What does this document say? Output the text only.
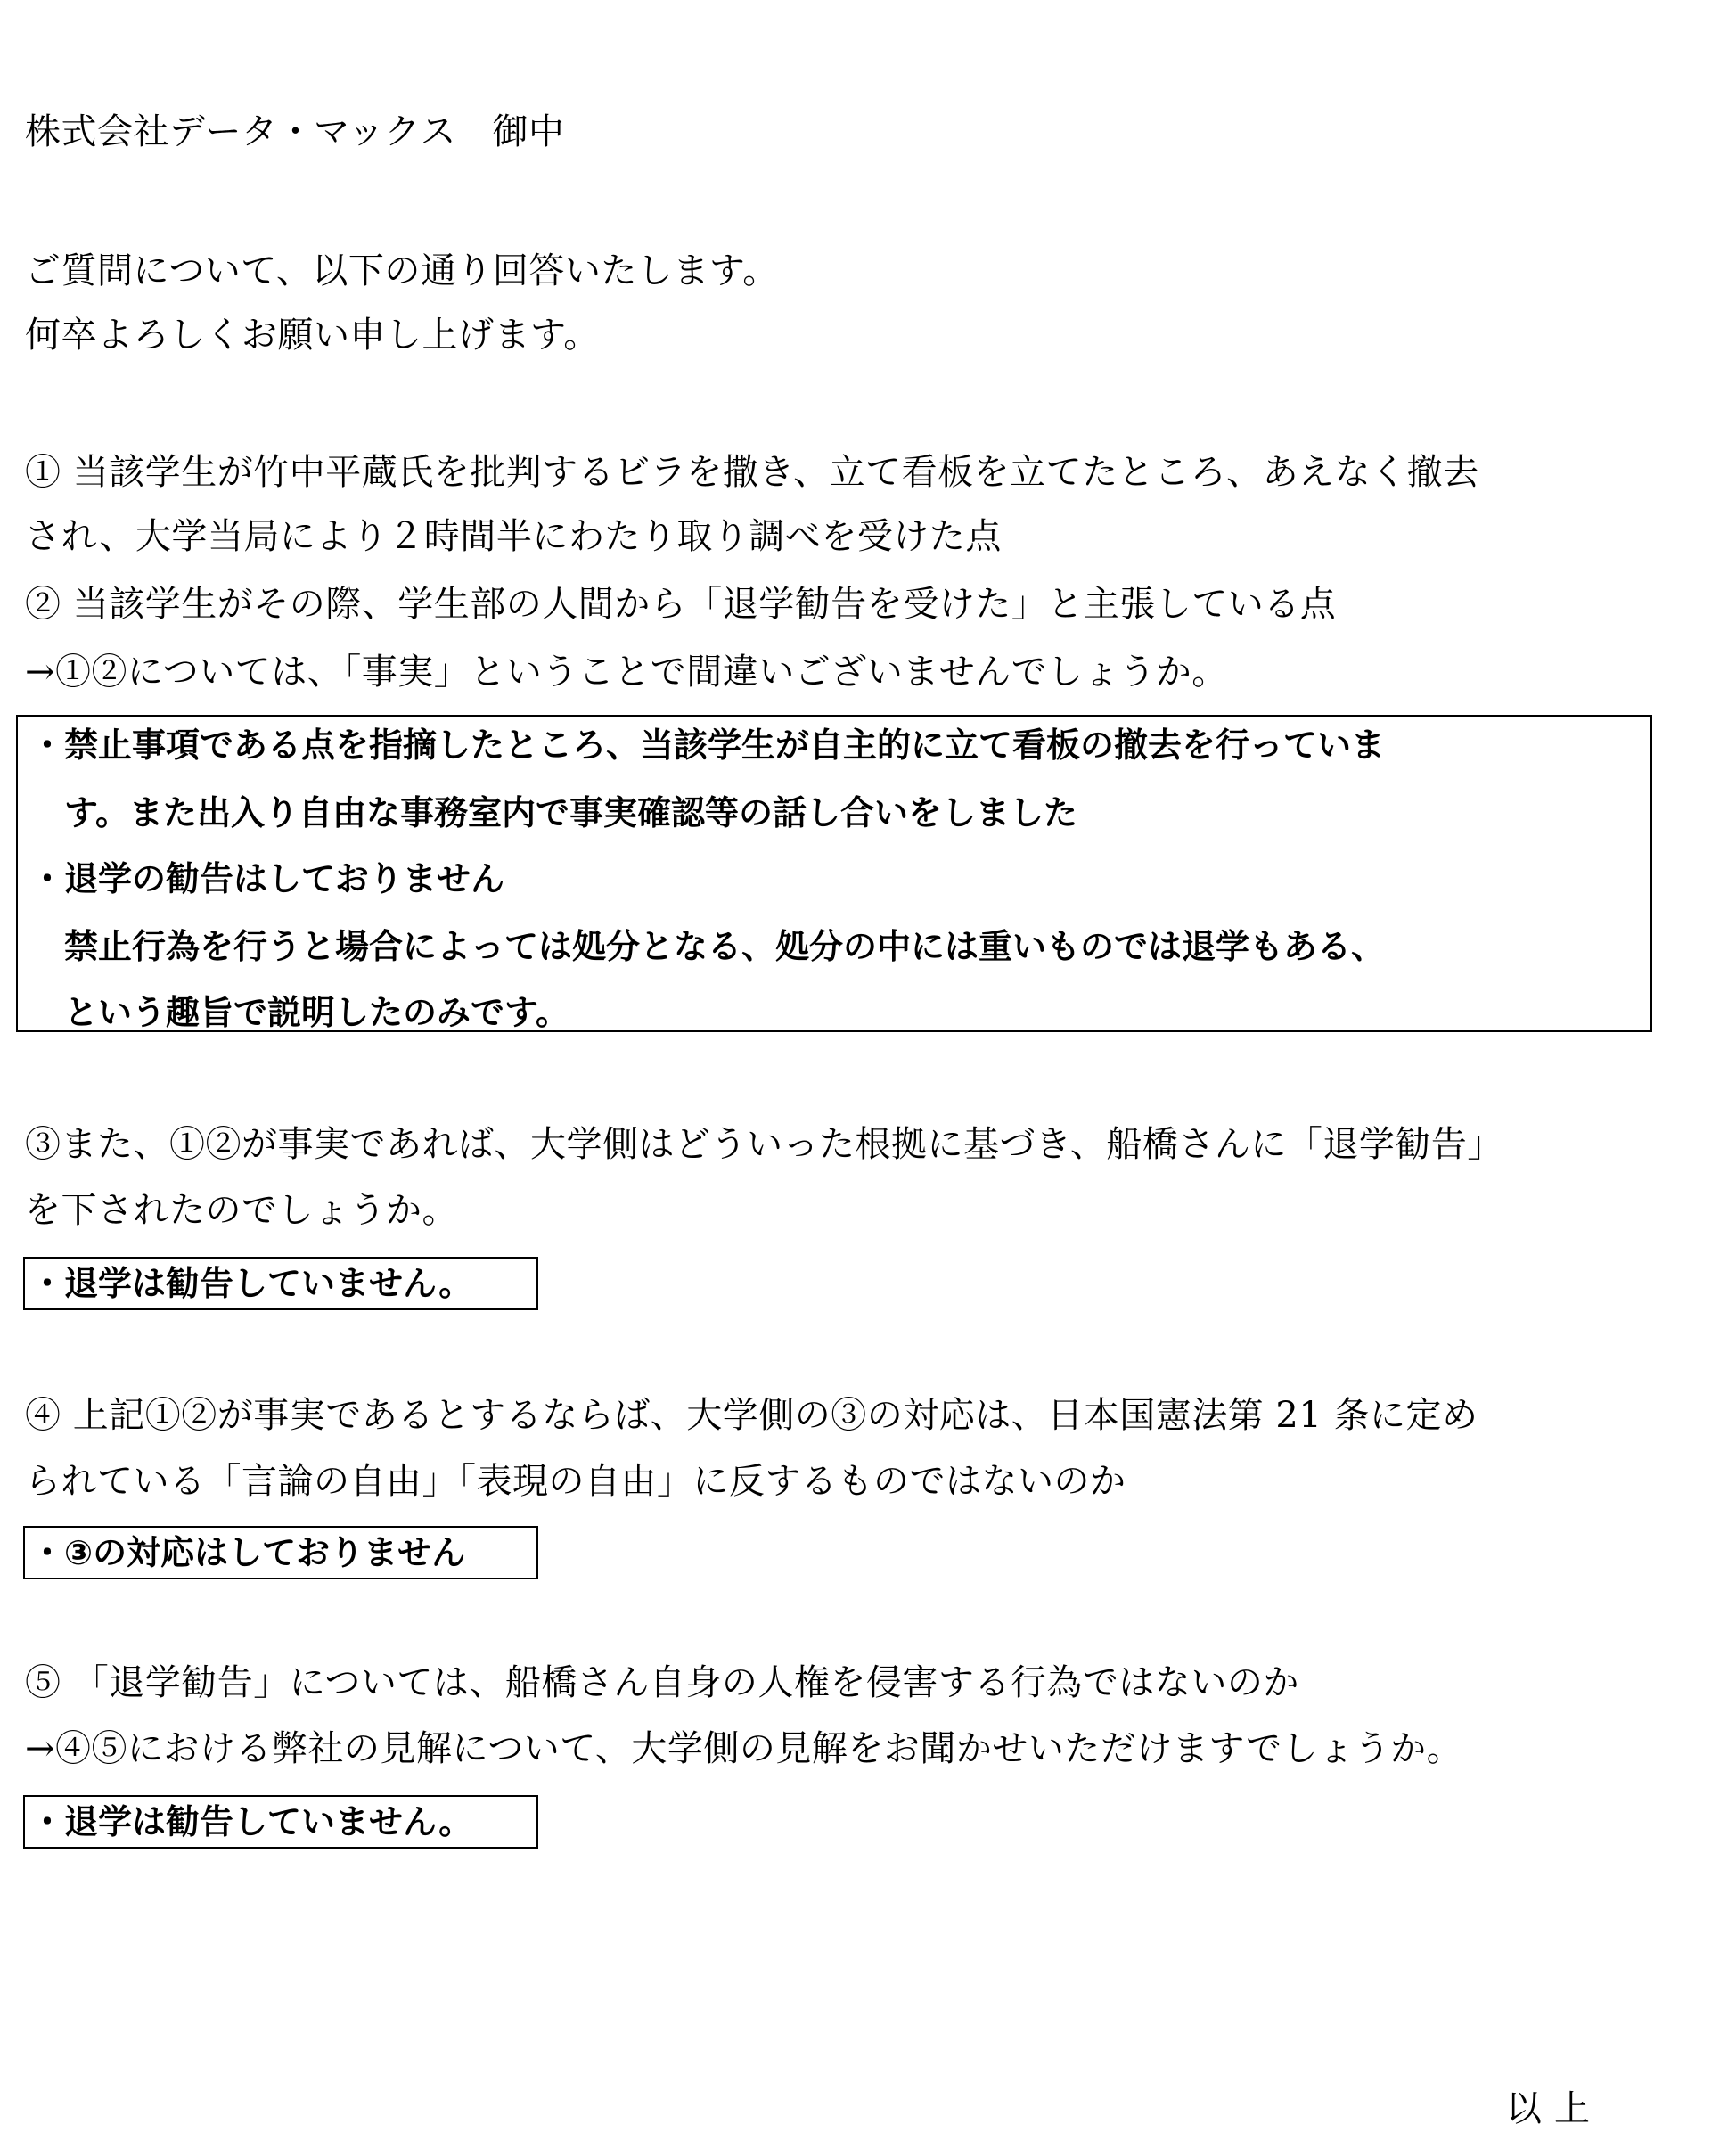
株式会社データ・マックス　御中
ご質問について、以下の通り回答いたします。
何卒よろしくお願い申し上げます。
① 当該学生が竹中平蔵氏を批判するビラを撒き、立て看板を立てたところ、あえなく撤去
され、大学当局により２時間半にわたり取り調べを受けた点
② 当該学生がその際、学生部の人間から「退学勧告を受けた」と主張している点
→①②については、「事実」ということで間違いございませんでしょうか。
・禁止事項である点を指摘したところ、当該学生が自主的に立て看板の撤去を行っていま
　す。また出入り自由な事務室内で事実確認等の話し合いをしました
・退学の勧告はしておりません
　禁止行為を行うと場合によっては処分となる、処分の中には重いものでは退学もある、
　という趣旨で説明したのみです。
③また、①②が事実であれば、大学側はどういった根拠に基づき、船橋さんに「退学勧告」
を下されたのでしょうか。
・退学は勧告していません。
④ 上記①②が事実であるとするならば、大学側の③の対応は、日本国憲法第 21 条に定め
られている「言論の自由」「表現の自由」に反するものではないのか
・③の対応はしておりません
⑤ 「退学勧告」については、船橋さん自身の人権を侵害する行為ではないのか
→④⑤における弊社の見解について、大学側の見解をお聞かせいただけますでしょうか。
・退学は勧告していません。
以上
